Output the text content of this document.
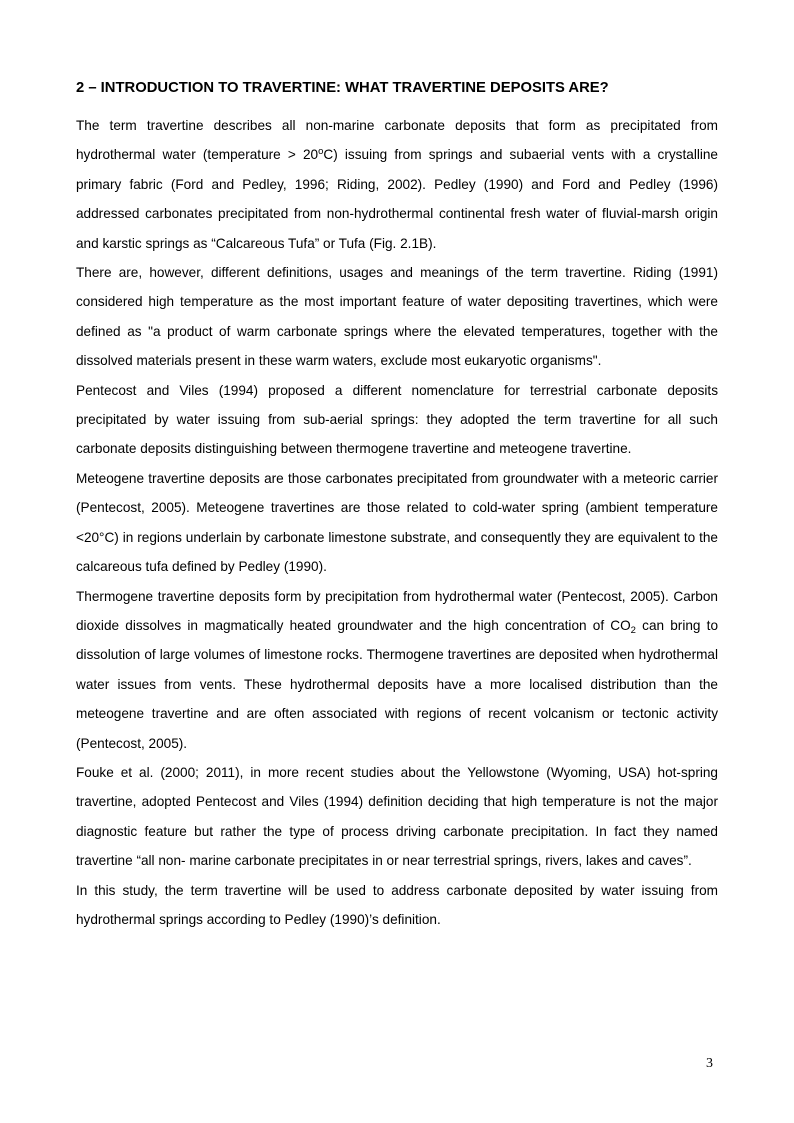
2 – INTRODUCTION TO TRAVERTINE: WHAT TRAVERTINE DEPOSITS ARE?

The term travertine describes all non-marine carbonate deposits that form as precipitated from hydrothermal water (temperature > $20^oC$) issuing from springs and subaerial vents with a crystalline primary fabric (Ford and Pedley, 1996; Riding, 2002). Pedley (1990) and Ford and Pedley (1996) addressed carbonates precipitated from non-hydrothermal continental fresh water of fluvial-marsh origin and karstic springs as “Calcareous Tufa” or Tufa (Fig. 2.1B).

There are, however, different definitions, usages and meanings of the term travertine. Riding (1991) considered high temperature as the most important feature of water depositing travertines, which were defined as "a product of warm carbonate springs where the elevated temperatures, together with the dissolved materials present in these warm waters, exclude most eukaryotic organisms".

Pentecost and Viles (1994) proposed a different nomenclature for terrestrial carbonate deposits precipitated by water issuing from sub-aerial springs: they adopted the term travertine for all such carbonate deposits distinguishing between thermogene travertine and meteogene travertine.

Meteogene travertine deposits are those carbonates precipitated from groundwater with a meteoric carrier (Pentecost, 2005). Meteogene travertines are those related to cold-water spring (ambient temperature <20°C) in regions underlain by carbonate limestone substrate, and consequently they are equivalent to the calcareous tufa defined by Pedley (1990).

Thermogene travertine deposits form by precipitation from hydrothermal water (Pentecost, 2005). Carbon dioxide dissolves in magmatically heated groundwater and the high concentration of $CO_2$ can bring to dissolution of large volumes of limestone rocks. Thermogene travertines are deposited when hydrothermal water issues from vents. These hydrothermal deposits have a more localised distribution than the meteogene travertine and are often associated with regions of recent volcanism or tectonic activity (Pentecost, 2005).

Fouke et al. (2000; 2011), in more recent studies about the Yellowstone (Wyoming, USA) hot-spring travertine, adopted Pentecost and Viles (1994) definition deciding that high temperature is not the major diagnostic feature but rather the type of process driving carbonate precipitation. In fact they named travertine “all non- marine carbonate precipitates in or near terrestrial springs, rivers, lakes and caves”.

In this study, the term travertine will be used to address carbonate deposited by water issuing from hydrothermal springs according to Pedley (1990)’s definition.

3
